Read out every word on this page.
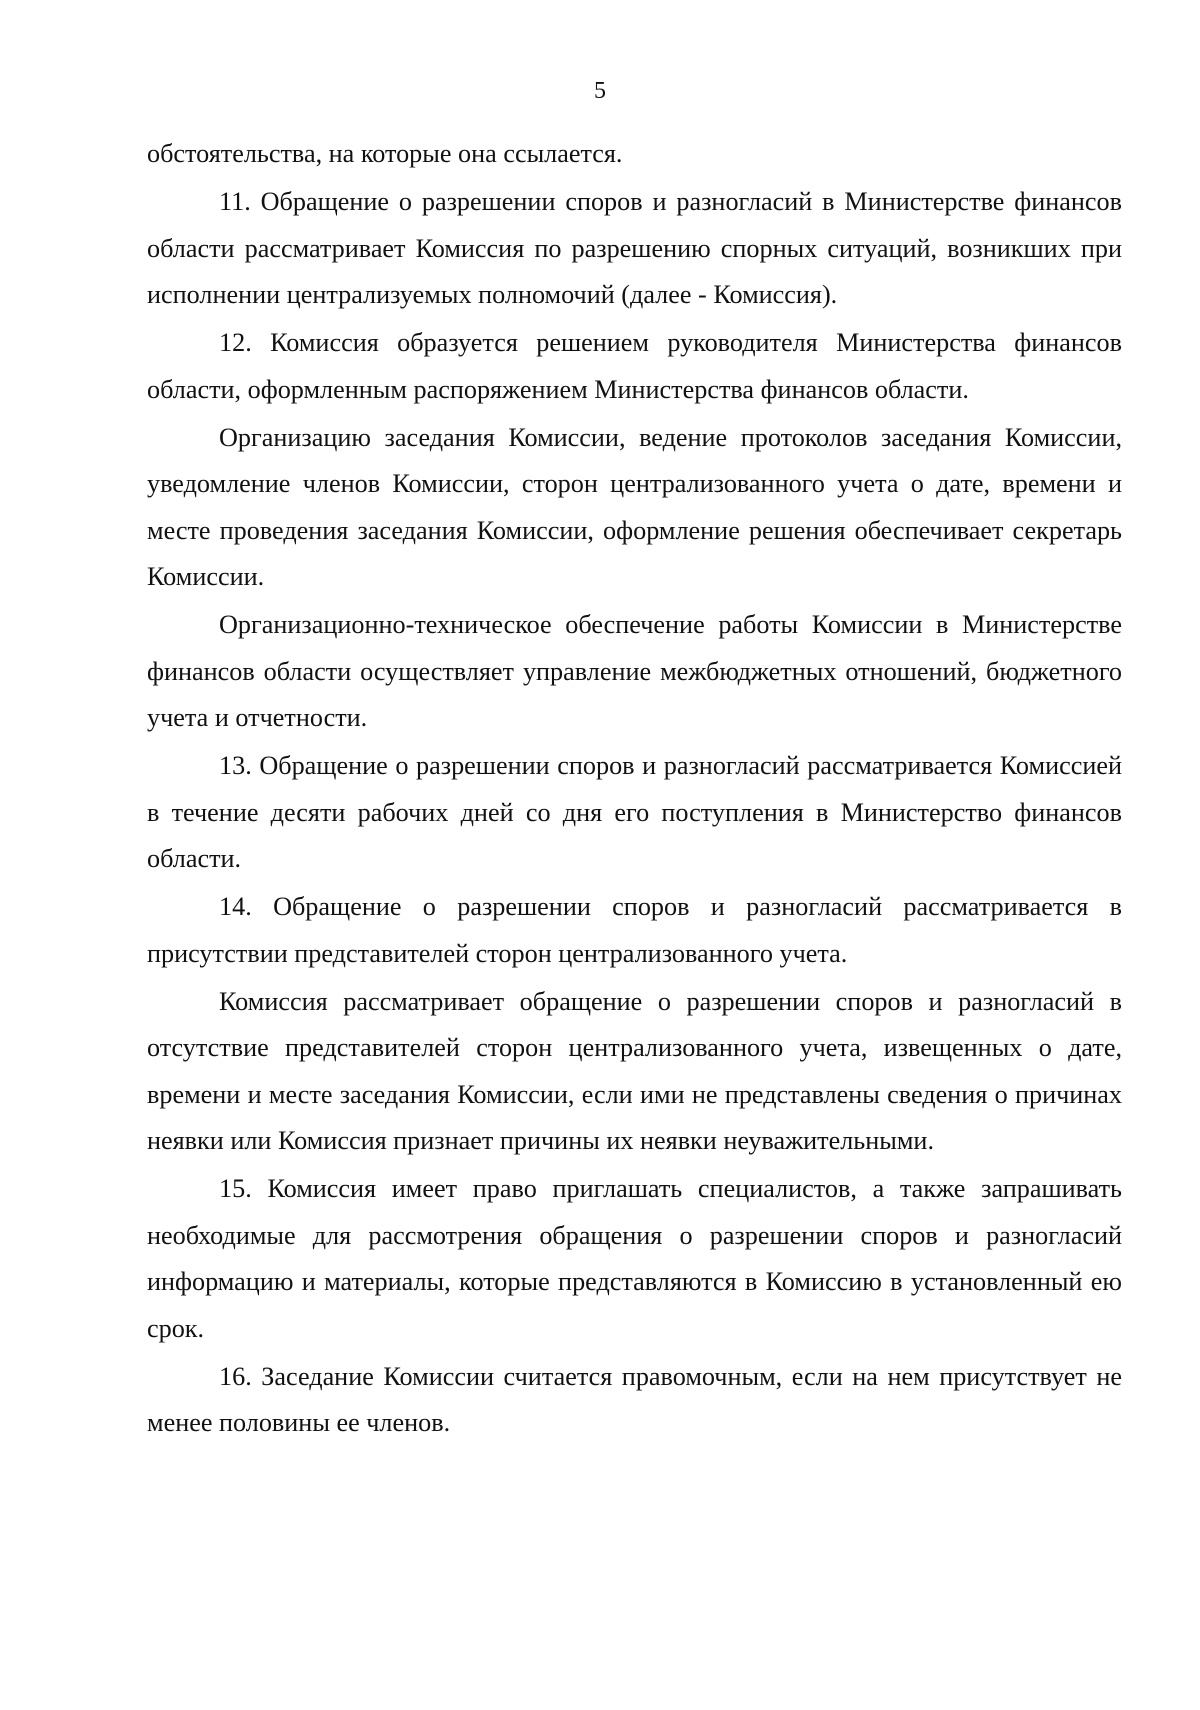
5

обстоятельства, на которые она ссылается.

11. Обращение о разрешении споров и разногласий в Министерстве финансов области рассматривает Комиссия по разрешению спорных ситуаций, возникших при исполнении централизуемых полномочий (далее - Комиссия).

12. Комиссия образуется решением руководителя Министерства финансов области, оформленным распоряжением Министерства финансов области.

Организацию заседания Комиссии, ведение протоколов заседания Комиссии, уведомление членов Комиссии, сторон централизованного учета о дате, времени и месте проведения заседания Комиссии, оформление решения обеспечивает секретарь Комиссии.

Организационно-техническое обеспечение работы Комиссии в Министерстве финансов области осуществляет управление межбюджетных отношений, бюджетного учета и отчетности.

13. Обращение о разрешении споров и разногласий рассматривается Комиссией в течение десяти рабочих дней со дня его поступления в Министерство финансов области.

14. Обращение о разрешении споров и разногласий рассматривается в присутствии представителей сторон централизованного учета.

Комиссия рассматривает обращение о разрешении споров и разногласий в отсутствие представителей сторон централизованного учета, извещенных о дате, времени и месте заседания Комиссии, если ими не представлены сведения о причинах неявки или Комиссия признает причины их неявки неуважительными.

15. Комиссия имеет право приглашать специалистов, а также запрашивать необходимые для рассмотрения обращения о разрешении споров и разногласий информацию и материалы, которые представляются в Комиссию в установленный ею срок.

16. Заседание Комиссии считается правомочным, если на нем присутствует не менее половины ее членов.
